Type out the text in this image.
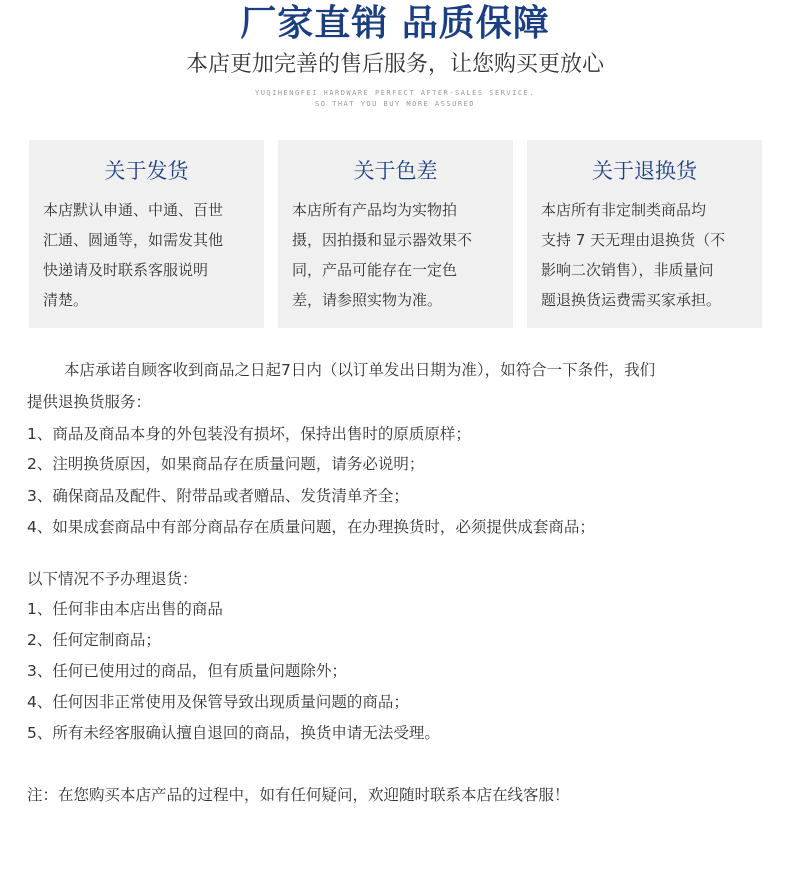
厂家直销 品质保障
本店更加完善的售后服务，让您购买更放心
YUQIHENGFEI HARDWARE PERFECT AFTER-SALES SERVICE.
SO THAT YOU BUY MORE ASSURED
关于发货
本店默认申通、中通、百世
汇通、圆通等，如需发其他
快递请及时联系客服说明
清楚。
关于色差
本店所有产品均为实物拍
摄，因拍摄和显示器效果不
同，产品可能存在一定色
差，请参照实物为准。
关于退换货
本店所有非定制类商品均
支持 7 天无理由退换货（不
影响二次销售），非质量问
题退换货运费需买家承担。
本店承诺自顾客收到商品之日起7日内（以订单发出日期为准），如符合一下条件，我们
提供退换货服务：
1、商品及商品本身的外包装没有损坏，保持出售时的原质原样；
2、注明换货原因，如果商品存在质量问题，请务必说明；
3、确保商品及配件、附带品或者赠品、发货清单齐全；
4、如果成套商品中有部分商品存在质量问题，在办理换货时，必须提供成套商品；
以下情况不予办理退货：
1、任何非由本店出售的商品
2、任何定制商品；
3、任何已使用过的商品，但有质量问题除外；
4、任何因非正常使用及保管导致出现质量问题的商品；
5、所有未经客服确认擅自退回的商品，换货申请无法受理。
注：在您购买本店产品的过程中，如有任何疑问，欢迎随时联系本店在线客服！
